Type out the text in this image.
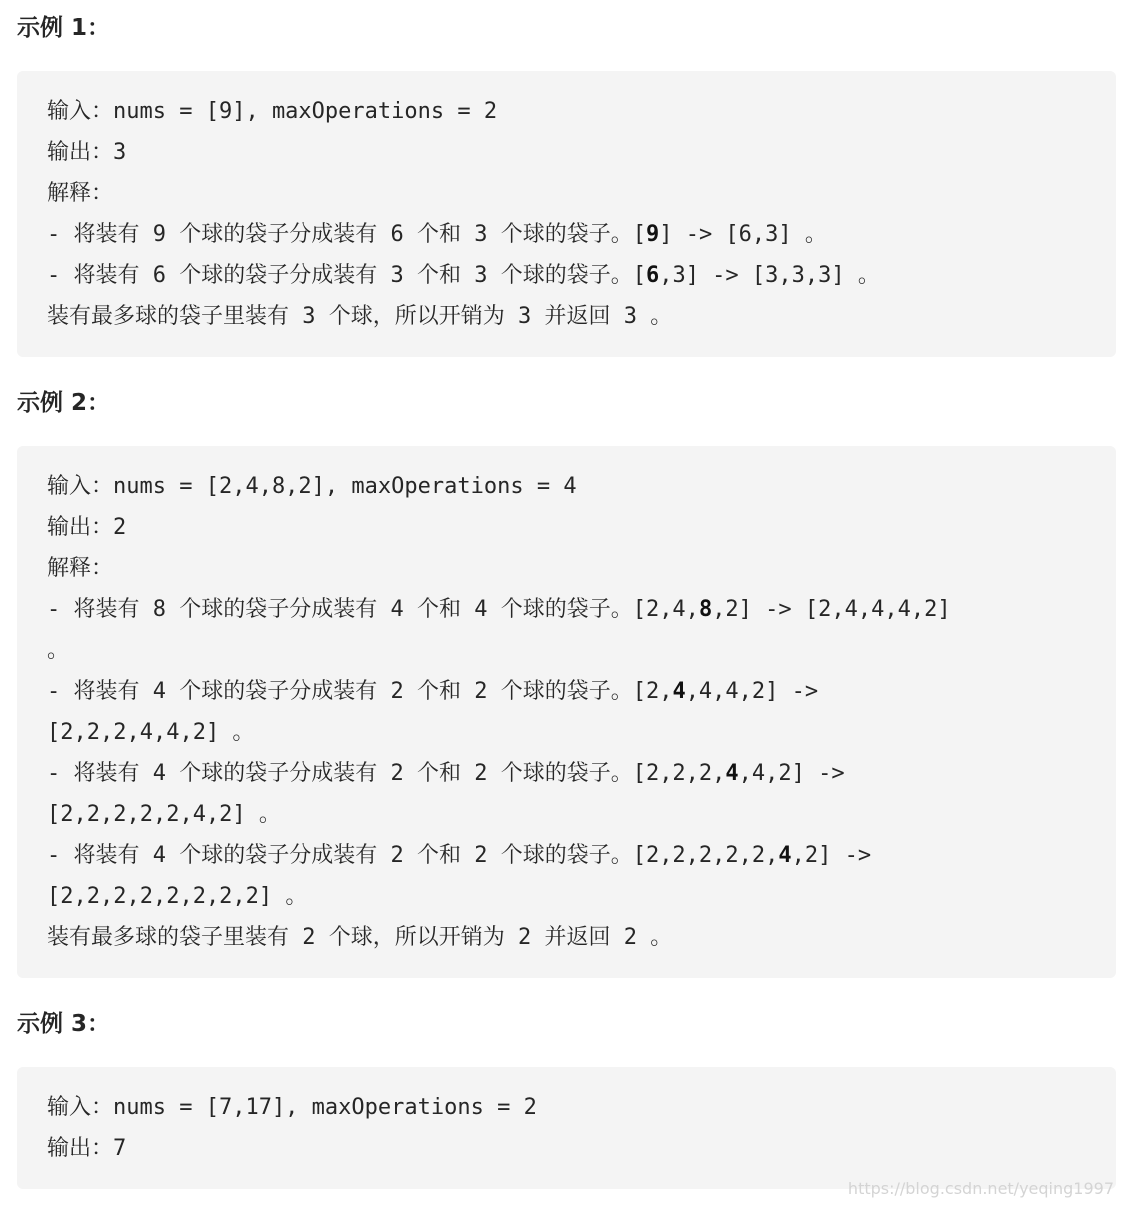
示例 1：
输入：nums = [9], maxOperations = 2
输出：3
解释：
- 将装有 9 个球的袋子分成装有 6 个和 3 个球的袋子。[9] -> [6,3] 。
- 将装有 6 个球的袋子分成装有 3 个和 3 个球的袋子。[6,3] -> [3,3,3] 。
装有最多球的袋子里装有 3 个球，所以开销为 3 并返回 3 。
示例 2：
输入：nums = [2,4,8,2], maxOperations = 4
输出：2
解释：
- 将装有 8 个球的袋子分成装有 4 个和 4 个球的袋子。[2,4,8,2] -> [2,4,4,4,2]
。
- 将装有 4 个球的袋子分成装有 2 个和 2 个球的袋子。[2,4,4,4,2] ->
[2,2,2,4,4,2] 。
- 将装有 4 个球的袋子分成装有 2 个和 2 个球的袋子。[2,2,2,4,4,2] ->
[2,2,2,2,2,4,2] 。
- 将装有 4 个球的袋子分成装有 2 个和 2 个球的袋子。[2,2,2,2,2,4,2] ->
[2,2,2,2,2,2,2,2] 。
装有最多球的袋子里装有 2 个球，所以开销为 2 并返回 2 。
示例 3：
输入：nums = [7,17], maxOperations = 2
输出：7
https://blog.csdn.net/yeqing1997
